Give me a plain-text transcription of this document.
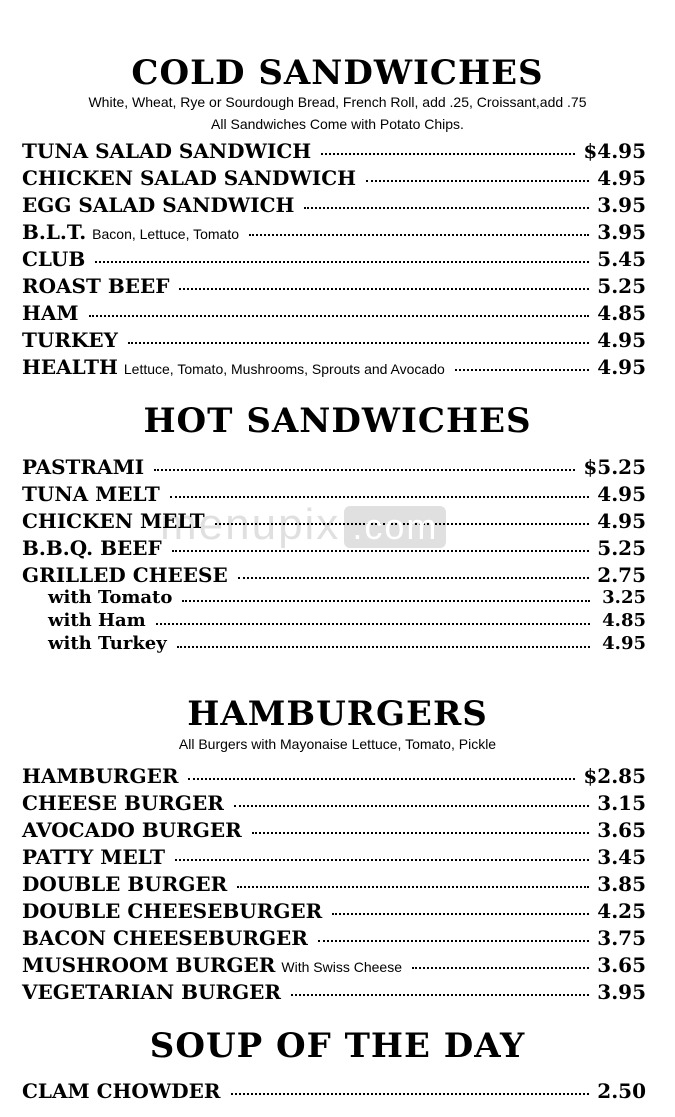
COLD SANDWICHES
White, Wheat, Rye or Sourdough Bread, French Roll, add .25, Croissant,add .75
All Sandwiches Come with Potato Chips.
TUNA SALAD SANDWICH	$4.95
CHICKEN SALAD SANDWICH	4.95
EGG SALAD SANDWICH	3.95
B.L.T. Bacon, Lettuce, Tomato	3.95
CLUB	5.45
ROAST BEEF	5.25
HAM	4.85
TURKEY	4.95
HEALTH Lettuce, Tomato, Mushrooms, Sprouts and Avocado	4.95
HOT SANDWICHES
PASTRAMI	$5.25
TUNA MELT	4.95
CHICKEN MELT	4.95
B.B.Q. BEEF	5.25
GRILLED CHEESE	2.75
with Tomato	3.25
with Ham	4.85
with Turkey	4.95
HAMBURGERS
All Burgers with Mayonaise Lettuce, Tomato, Pickle
HAMBURGER	$2.85
CHEESE BURGER	3.15
AVOCADO BURGER	3.65
PATTY MELT	3.45
DOUBLE BURGER	3.85
DOUBLE CHEESEBURGER	4.25
BACON CHEESEBURGER	3.75
MUSHROOM BURGER With Swiss Cheese	3.65
VEGETARIAN BURGER	3.95
SOUP OF THE DAY
CLAM CHOWDER	2.50
menupix .com
